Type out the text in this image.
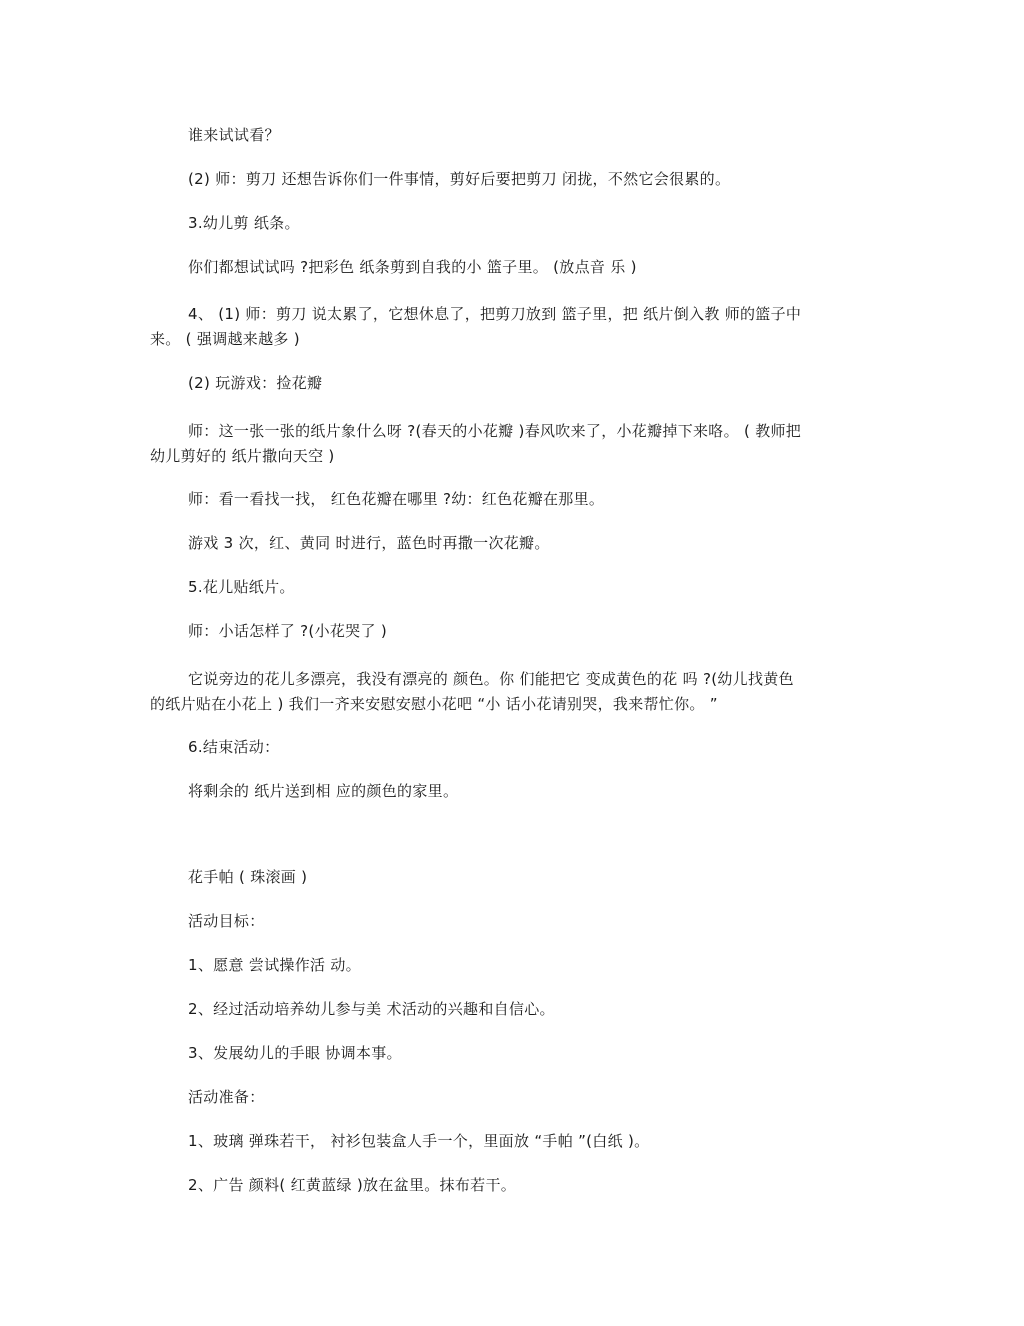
谁来试试看？
(2) 师：剪刀 还想告诉你们一件事情，剪好后要把剪刀 闭拢，不然它会很累的。
3.幼儿剪 纸条。
你们都想试试吗 ?把彩色 纸条剪到自我的小 篮子里。 (放点音 乐 )
4、 (1) 师：剪刀 说太累了，它想休息了，把剪刀放到 篮子里，把 纸片倒入教 师的篮子中
来。 ( 强调越来越多 )
(2) 玩游戏：捡花瓣
师：这一张一张的纸片象什么呀 ?(春天的小花瓣 )春风吹来了，小花瓣掉下来咯。 ( 教师把
幼儿剪好的 纸片撒向天空 )
师：看一看找一找， 红色花瓣在哪里 ?幼：红色花瓣在那里。
游戏 3 次，红、黄同 时进行，蓝色时再撒一次花瓣。
5.花儿贴纸片。
师：小话怎样了 ?(小花哭了 )
它说旁边的花儿多漂亮，我没有漂亮的 颜色。你 们能把它 变成黄色的花 吗 ?(幼儿找黄色
的纸片贴在小花上 ) 我们一齐来安慰安慰小花吧 “小 话小花请别哭，我来帮忙你。 ”
6.结束活动：
将剩余的 纸片送到相 应的颜色的家里。
花手帕 ( 珠滚画 )
活动目标：
1、愿意 尝试操作活 动。
2、经过活动培养幼儿参与美 术活动的兴趣和自信心。
3、发展幼儿的手眼 协调本事。
活动准备：
1、玻璃 弹珠若干， 衬衫包装盒人手一个，里面放 “手帕 ”(白纸 )。
2、广告 颜料( 红黄蓝绿 )放在盆里。抹布若干。
